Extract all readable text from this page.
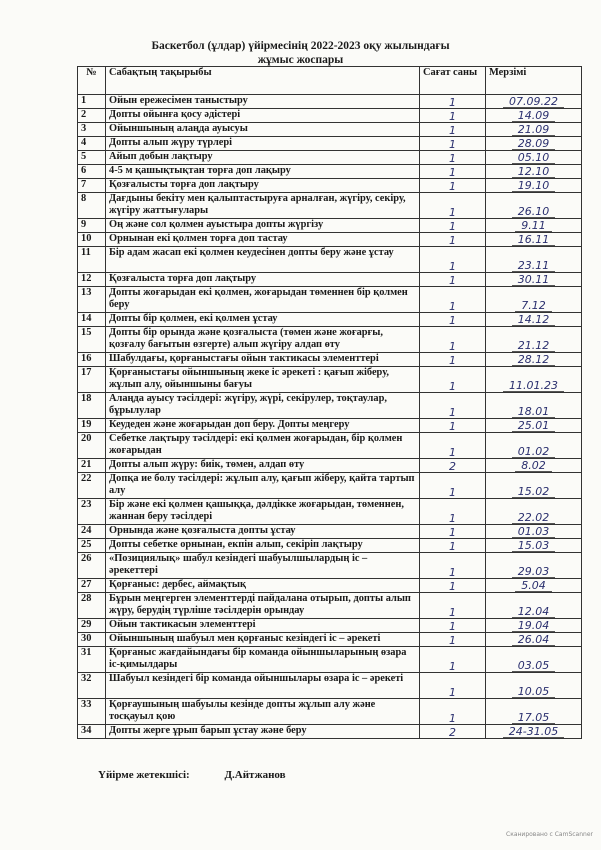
Баскетбол (ұлдар) үйірмесінің 2022-2023 оқу жылындағы
жұмыс жоспары
№	Сабақтың тақырыбы	Сағат саны	Мерзімі
1	Ойын ережесімен таныстыру	1	07.09.22
2	Допты ойынға қосу әдістері	1	14.09
3	Ойыншының алаңда ауысуы	1	21.09
4	Допты алып жүру түрлері	1	28.09
5	Айып добын лақтыру	1	05.10
6	4-5 м қашықтықтан торға доп лақыру	1	12.10
7	Қозғалысты торға доп лақтыру	1	19.10
8	Дағдыны бекіту мен қалыптастыруға арналған, жүгіру, секіру, жүгіру жаттығулары	1	26.10
9	Оң және сол қолмен ауыстыра допты жүргізу	1	9.11
10	Орнынан екі қолмен торға доп тастау	1	16.11
11	Бір адам жасап екі қолмен кеудесінен допты беру және ұстау	1	23.11
12	Қозғалыста торға доп лақтыру	1	30.11
13	Допты жоғарыдан екі қолмен, жоғарыдан төменнен бір қолмен беру	1	7.12
14	Допты бір қолмен, екі қолмен ұстау	1	14.12
15	Допты бір орында және қозғалыста (төмен және жоғарғы, қозғалу бағытын өзгерте) алып жүгіру алдап өту	1	21.12
16	Шабулдағы, қорғаныстағы ойын тактикасы элементтері	1	28.12
17	Қорғаныстағы ойыншының жеке іс әрекеті : қағып жіберу, жұлып алу, ойыншыны бағуы	1	11.01.23
18	Алаңда ауысу тәсілдері: жүгіру, жүрі, секірулер, тоқтаулар, бұрылулар	1	18.01
19	Кеудеден және жоғарыдан доп беру. Допты меңгеру	1	25.01
20	Себетке лақтыру тәсілдері: екі қолмен жоғарыдан, бір қолмен жоғарыдан	1	01.02
21	Допты алып жүру: биік, төмен, алдап өту	2	8.02
22	Допқа ие болу тәсілдері: жұлып алу, қағып жіберу, қайта тартып алу	1	15.02
23	Бір және екі қолмен қашыққа, дәлдікке жоғарыдан, төменнен, жаннан беру тәсілдері	1	22.02
24	Орнында және қозғалыста допты ұстау	1	01.03
25	Допты себетке орнынан, екпін алып, секіріп лақтыру	1	15.03
26	«Позициялық» шабул кезіндегі шабуылшылардың іс – әрекеттері	1	29.03
27	Қорғаныс: дербес, аймақтық	1	5.04
28	Бұрын меңгерген элементтерді пайдалана отырып, допты алып жүру, берудің түрліше тәсілдерін орындау	1	12.04
29	Ойын тактикасын элементтері	1	19.04
30	Ойыншының шабуыл мен қорғаныс кезіндегі іс – әрекеті	1	26.04
31	Қорғаныс жағдайындағы бір команда ойыншыларының өзара іс-қимылдары	1	03.05
32	Шабуыл кезіндегі бір команда ойыншылары өзара іс – әрекеті	1	10.05
33	Қорғаушының шабуылы кезінде допты жұлып алу және тосқауыл қою	1	17.05
34	Допты жерге ұрып барып ұстау және беру	2	24-31.05
Үйірме жетекшісі:	Д.Айтжанов
Сканировано с CamScanner
